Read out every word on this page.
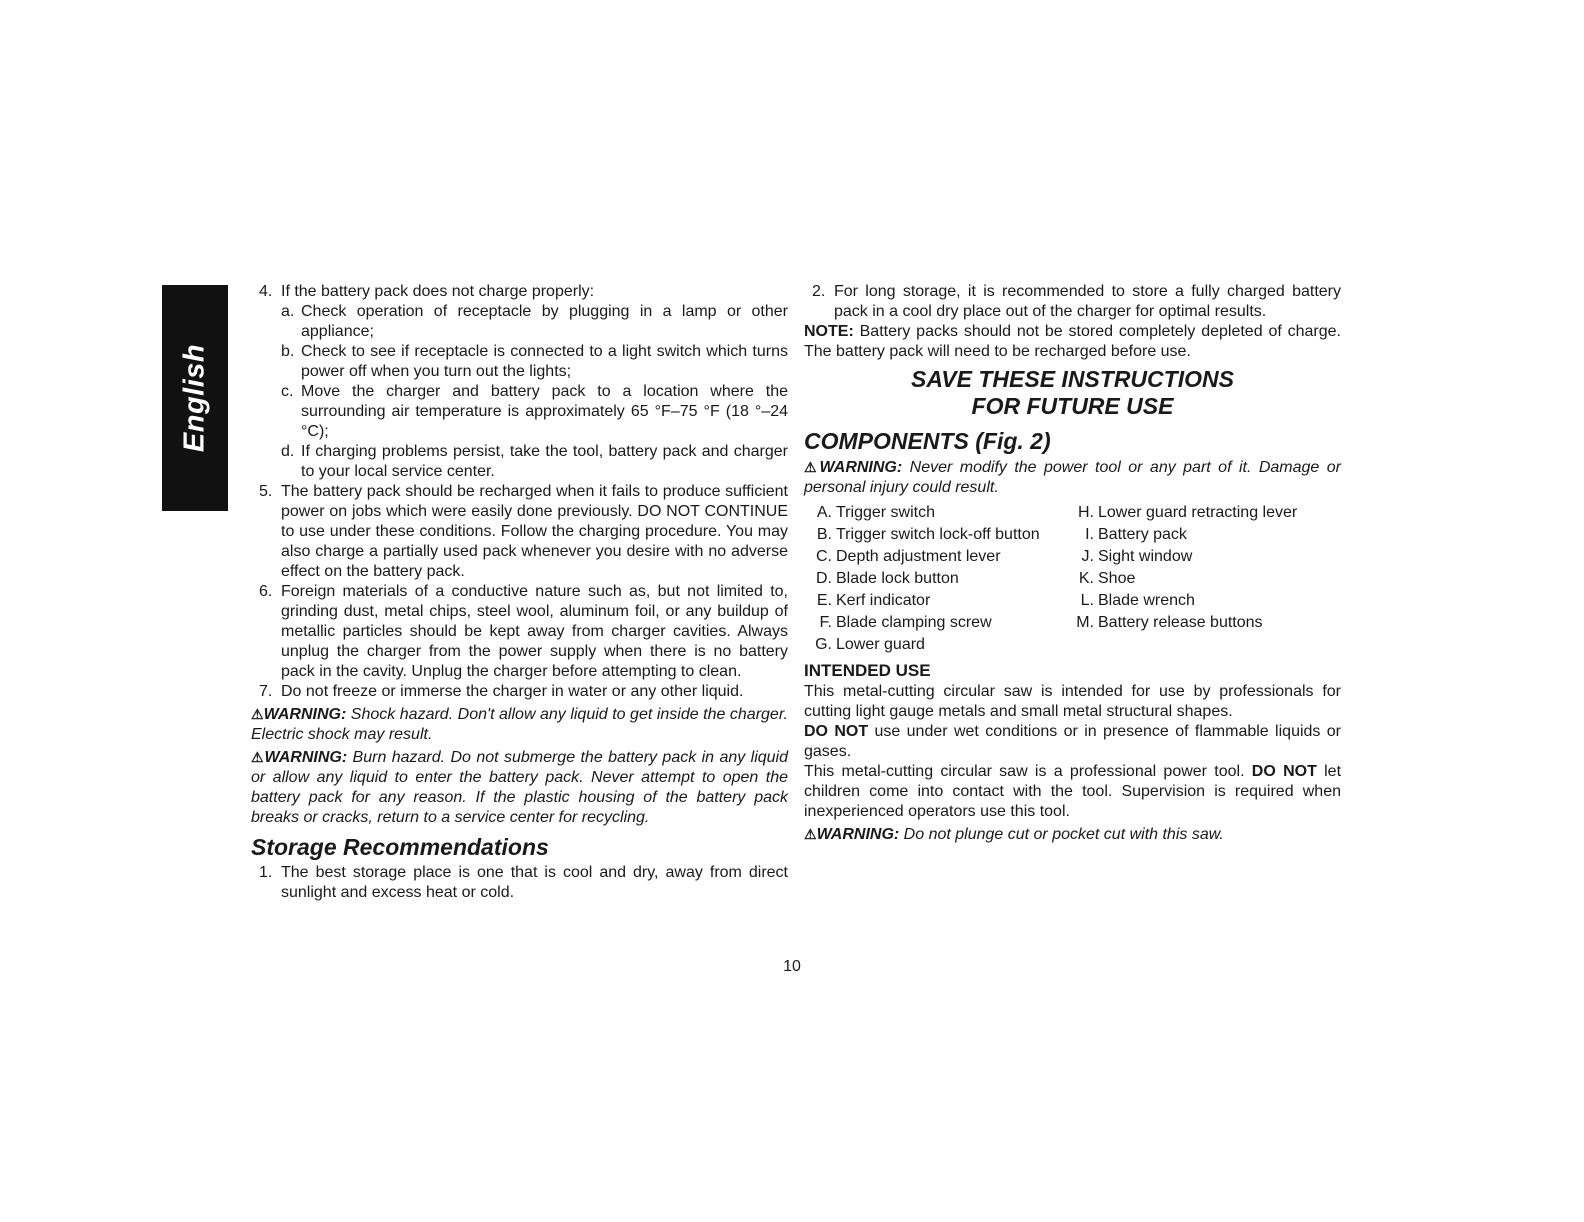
English
4. If the battery pack does not charge properly:
a. Check operation of receptacle by plugging in a lamp or other appliance;
b. Check to see if receptacle is connected to a light switch which turns power off when you turn out the lights;
c. Move the charger and battery pack to a location where the surrounding air temperature is approximately 65 °F–75 °F (18 °–24 °C);
d. If charging problems persist, take the tool, battery pack and charger to your local service center.
5. The battery pack should be recharged when it fails to produce sufficient power on jobs which were easily done previously. DO NOT CONTINUE to use under these conditions. Follow the charging procedure. You may also charge a partially used pack whenever you desire with no adverse effect on the battery pack.
6. Foreign materials of a conductive nature such as, but not limited to, grinding dust, metal chips, steel wool, aluminum foil, or any buildup of metallic particles should be kept away from charger cavities. Always unplug the charger from the power supply when there is no battery pack in the cavity. Unplug the charger before attempting to clean.
7. Do not freeze or immerse the charger in water or any other liquid.

⚠WARNING: Shock hazard. Don't allow any liquid to get inside the charger. Electric shock may result.

⚠WARNING: Burn hazard. Do not submerge the battery pack in any liquid or allow any liquid to enter the battery pack. Never attempt to open the battery pack for any reason. If the plastic housing of the battery pack breaks or cracks, return to a service center for recycling.

Storage Recommendations
1. The best storage place is one that is cool and dry, away from direct sunlight and excess heat or cold.
2. For long storage, it is recommended to store a fully charged battery pack in a cool dry place out of the charger for optimal results.

NOTE: Battery packs should not be stored completely depleted of charge. The battery pack will need to be recharged before use.

SAVE THESE INSTRUCTIONS
FOR FUTURE USE
COMPONENTS (Fig. 2)

⚠WARNING: Never modify the power tool or any part of it. Damage or personal injury could result.

A. Trigger switch
B. Trigger switch lock-off button
C. Depth adjustment lever
D. Blade lock button
E. Kerf indicator
F. Blade clamping screw
G. Lower guard
H. Lower guard retracting lever
I. Battery pack
J. Sight window
K. Shoe
L. Blade wrench
M. Battery release buttons
INTENDED USE

This metal-cutting circular saw is intended for use by professionals for cutting light gauge metals and small metal structural shapes.

DO NOT use under wet conditions or in presence of flammable liquids or gases.

This metal-cutting circular saw is a professional power tool. DO NOT let children come into contact with the tool. Supervision is required when inexperienced operators use this tool.

⚠WARNING: Do not plunge cut or pocket cut with this saw.

10
